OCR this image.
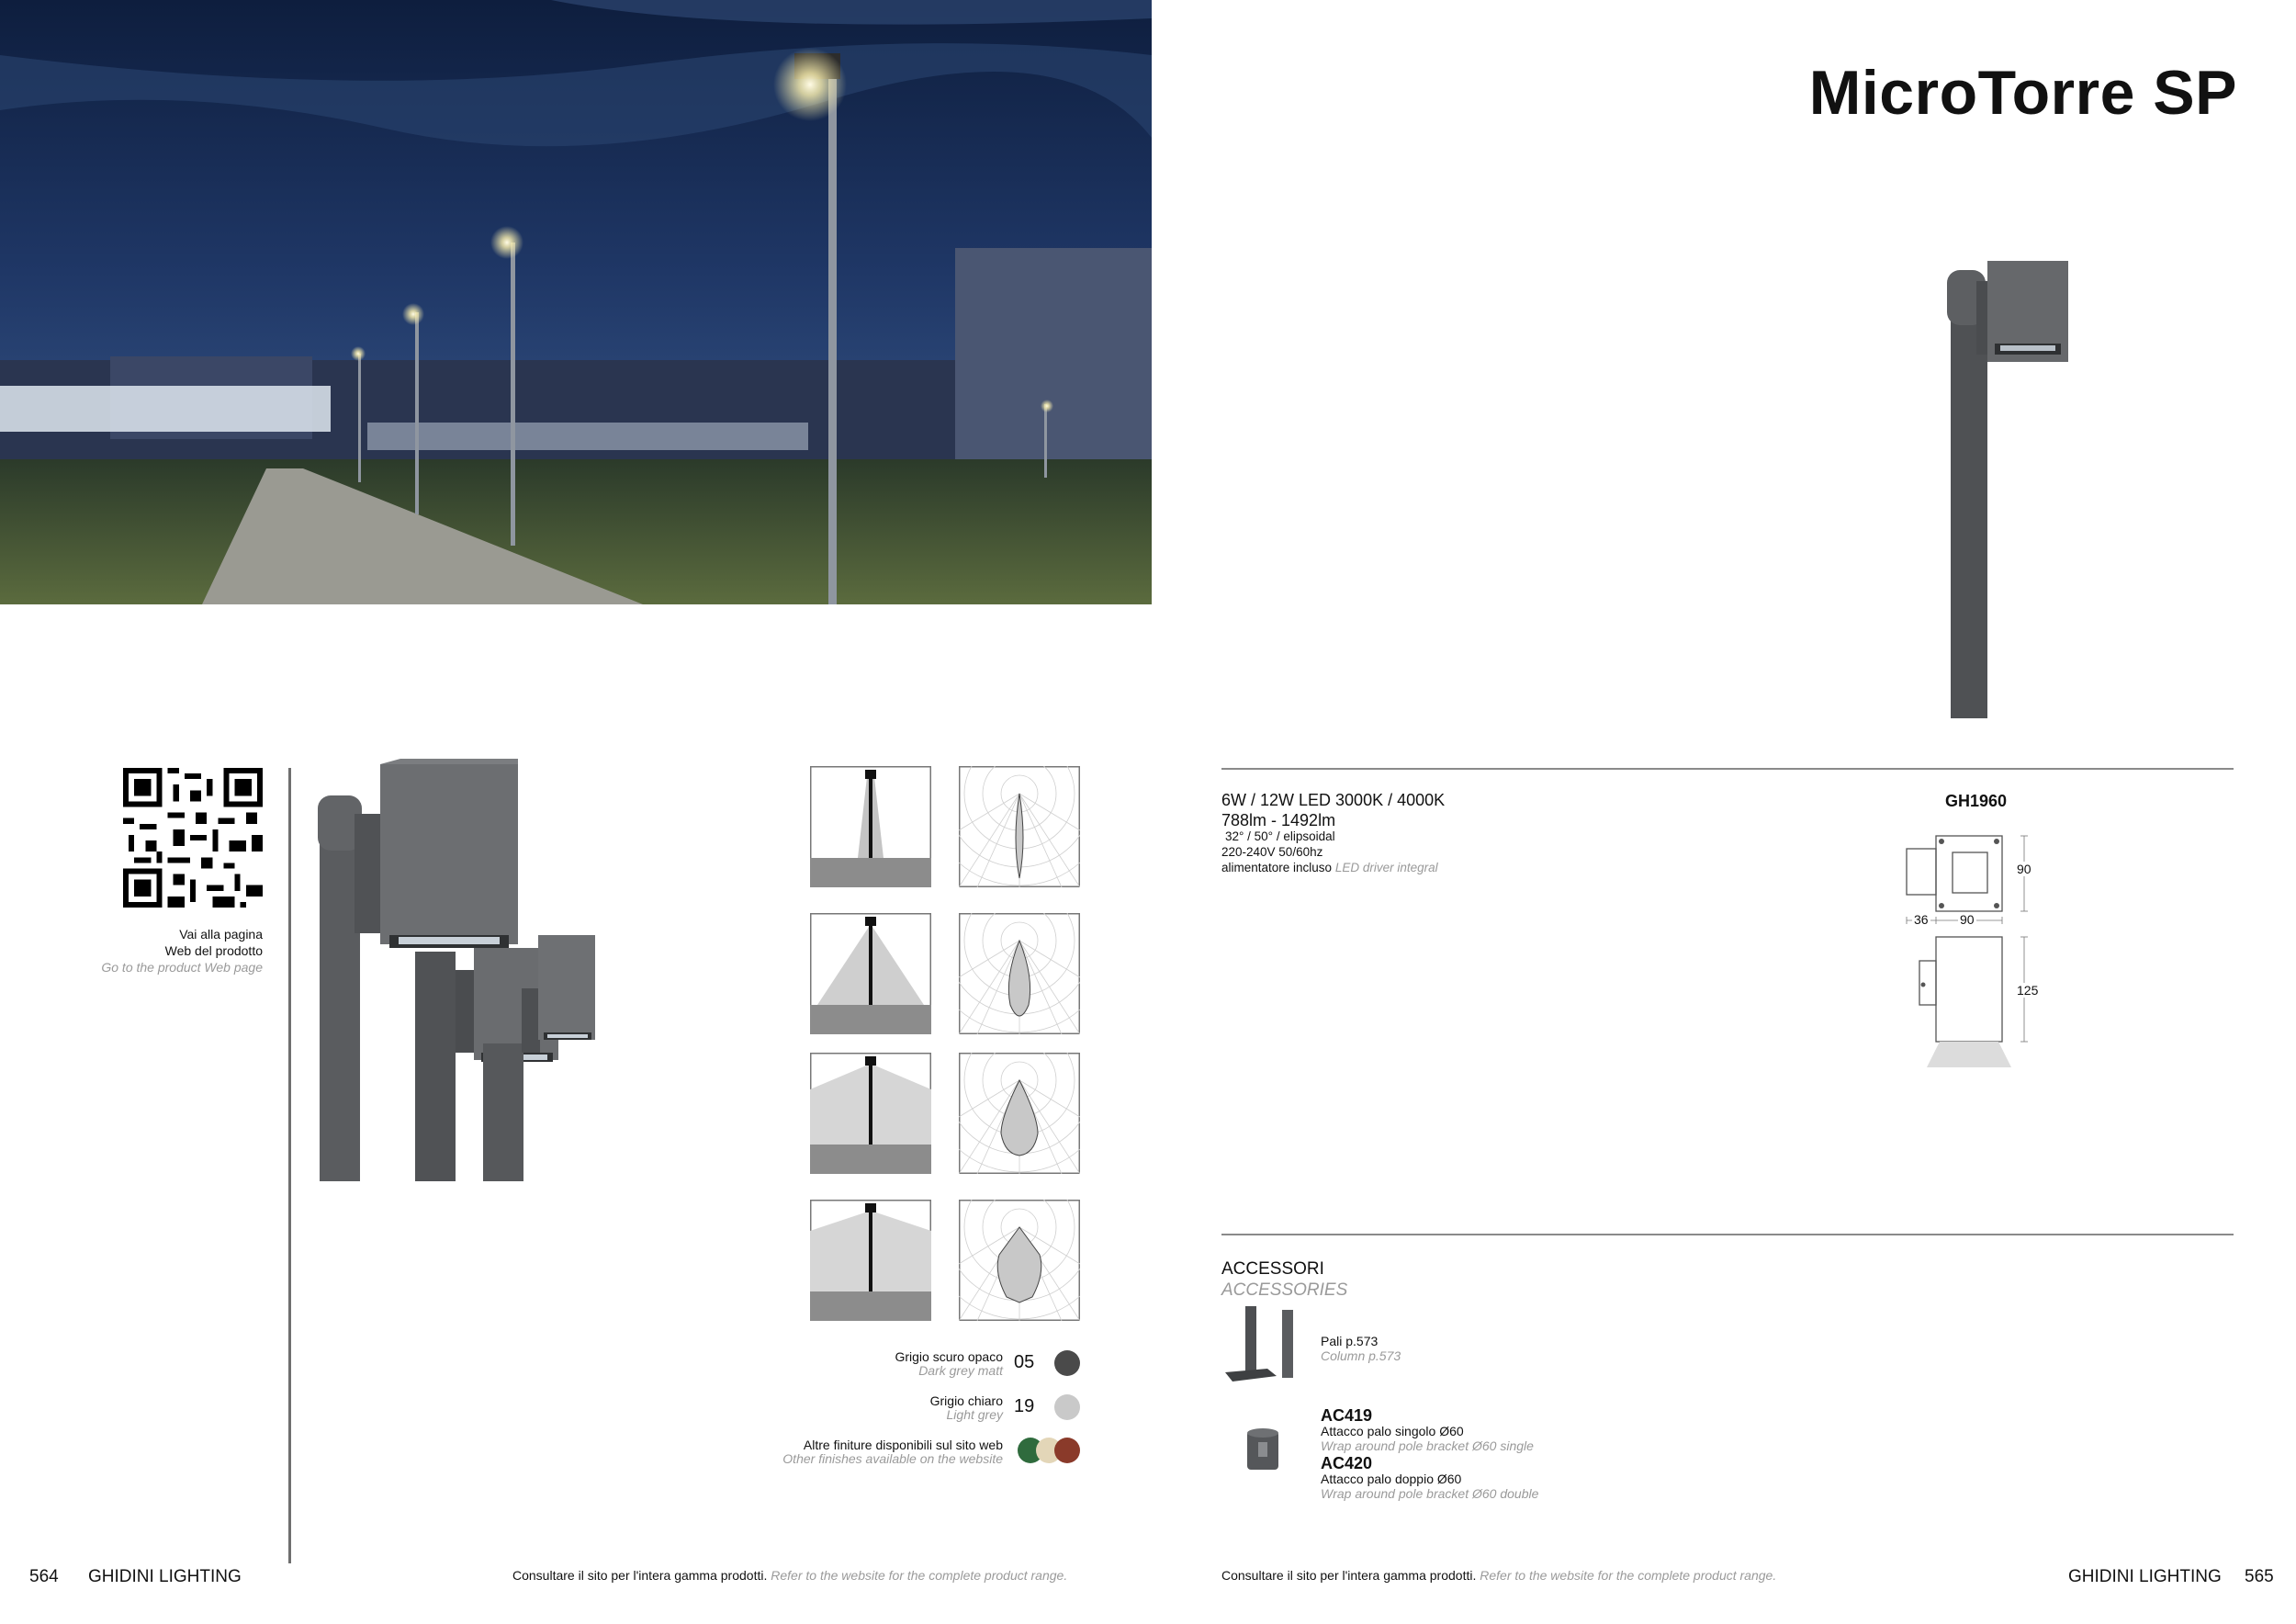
MicroTorre SP
Vai alla pagina
Web del prodotto
Go to the product Web page
Grigio scuro opaco
Dark grey matt 05
Grigio chiaro
Light grey 19
Altre finiture disponibili sul sito web
Other finishes available on the website
6W / 12W LED 3000K / 4000K
788lm - 1492lm
32° / 50° / elipsoidal
220-240V 50/60hz
alimentatore incluso LED driver integral
GH1960
90
36 90
125
ACCESSORI
ACCESSORIES
Pali p.573
Column p.573
AC419
Attacco palo singolo Ø60
Wrap around pole bracket Ø60 single
AC420
Attacco palo doppio Ø60
Wrap around pole bracket Ø60 double
564 GHIDINI LIGHTING	Consultare il sito per l'intera gamma prodotti. Refer to the website for the complete product range.	Consultare il sito per l'intera gamma prodotti. Refer to the website for the complete product range.	GHIDINI LIGHTING 565
